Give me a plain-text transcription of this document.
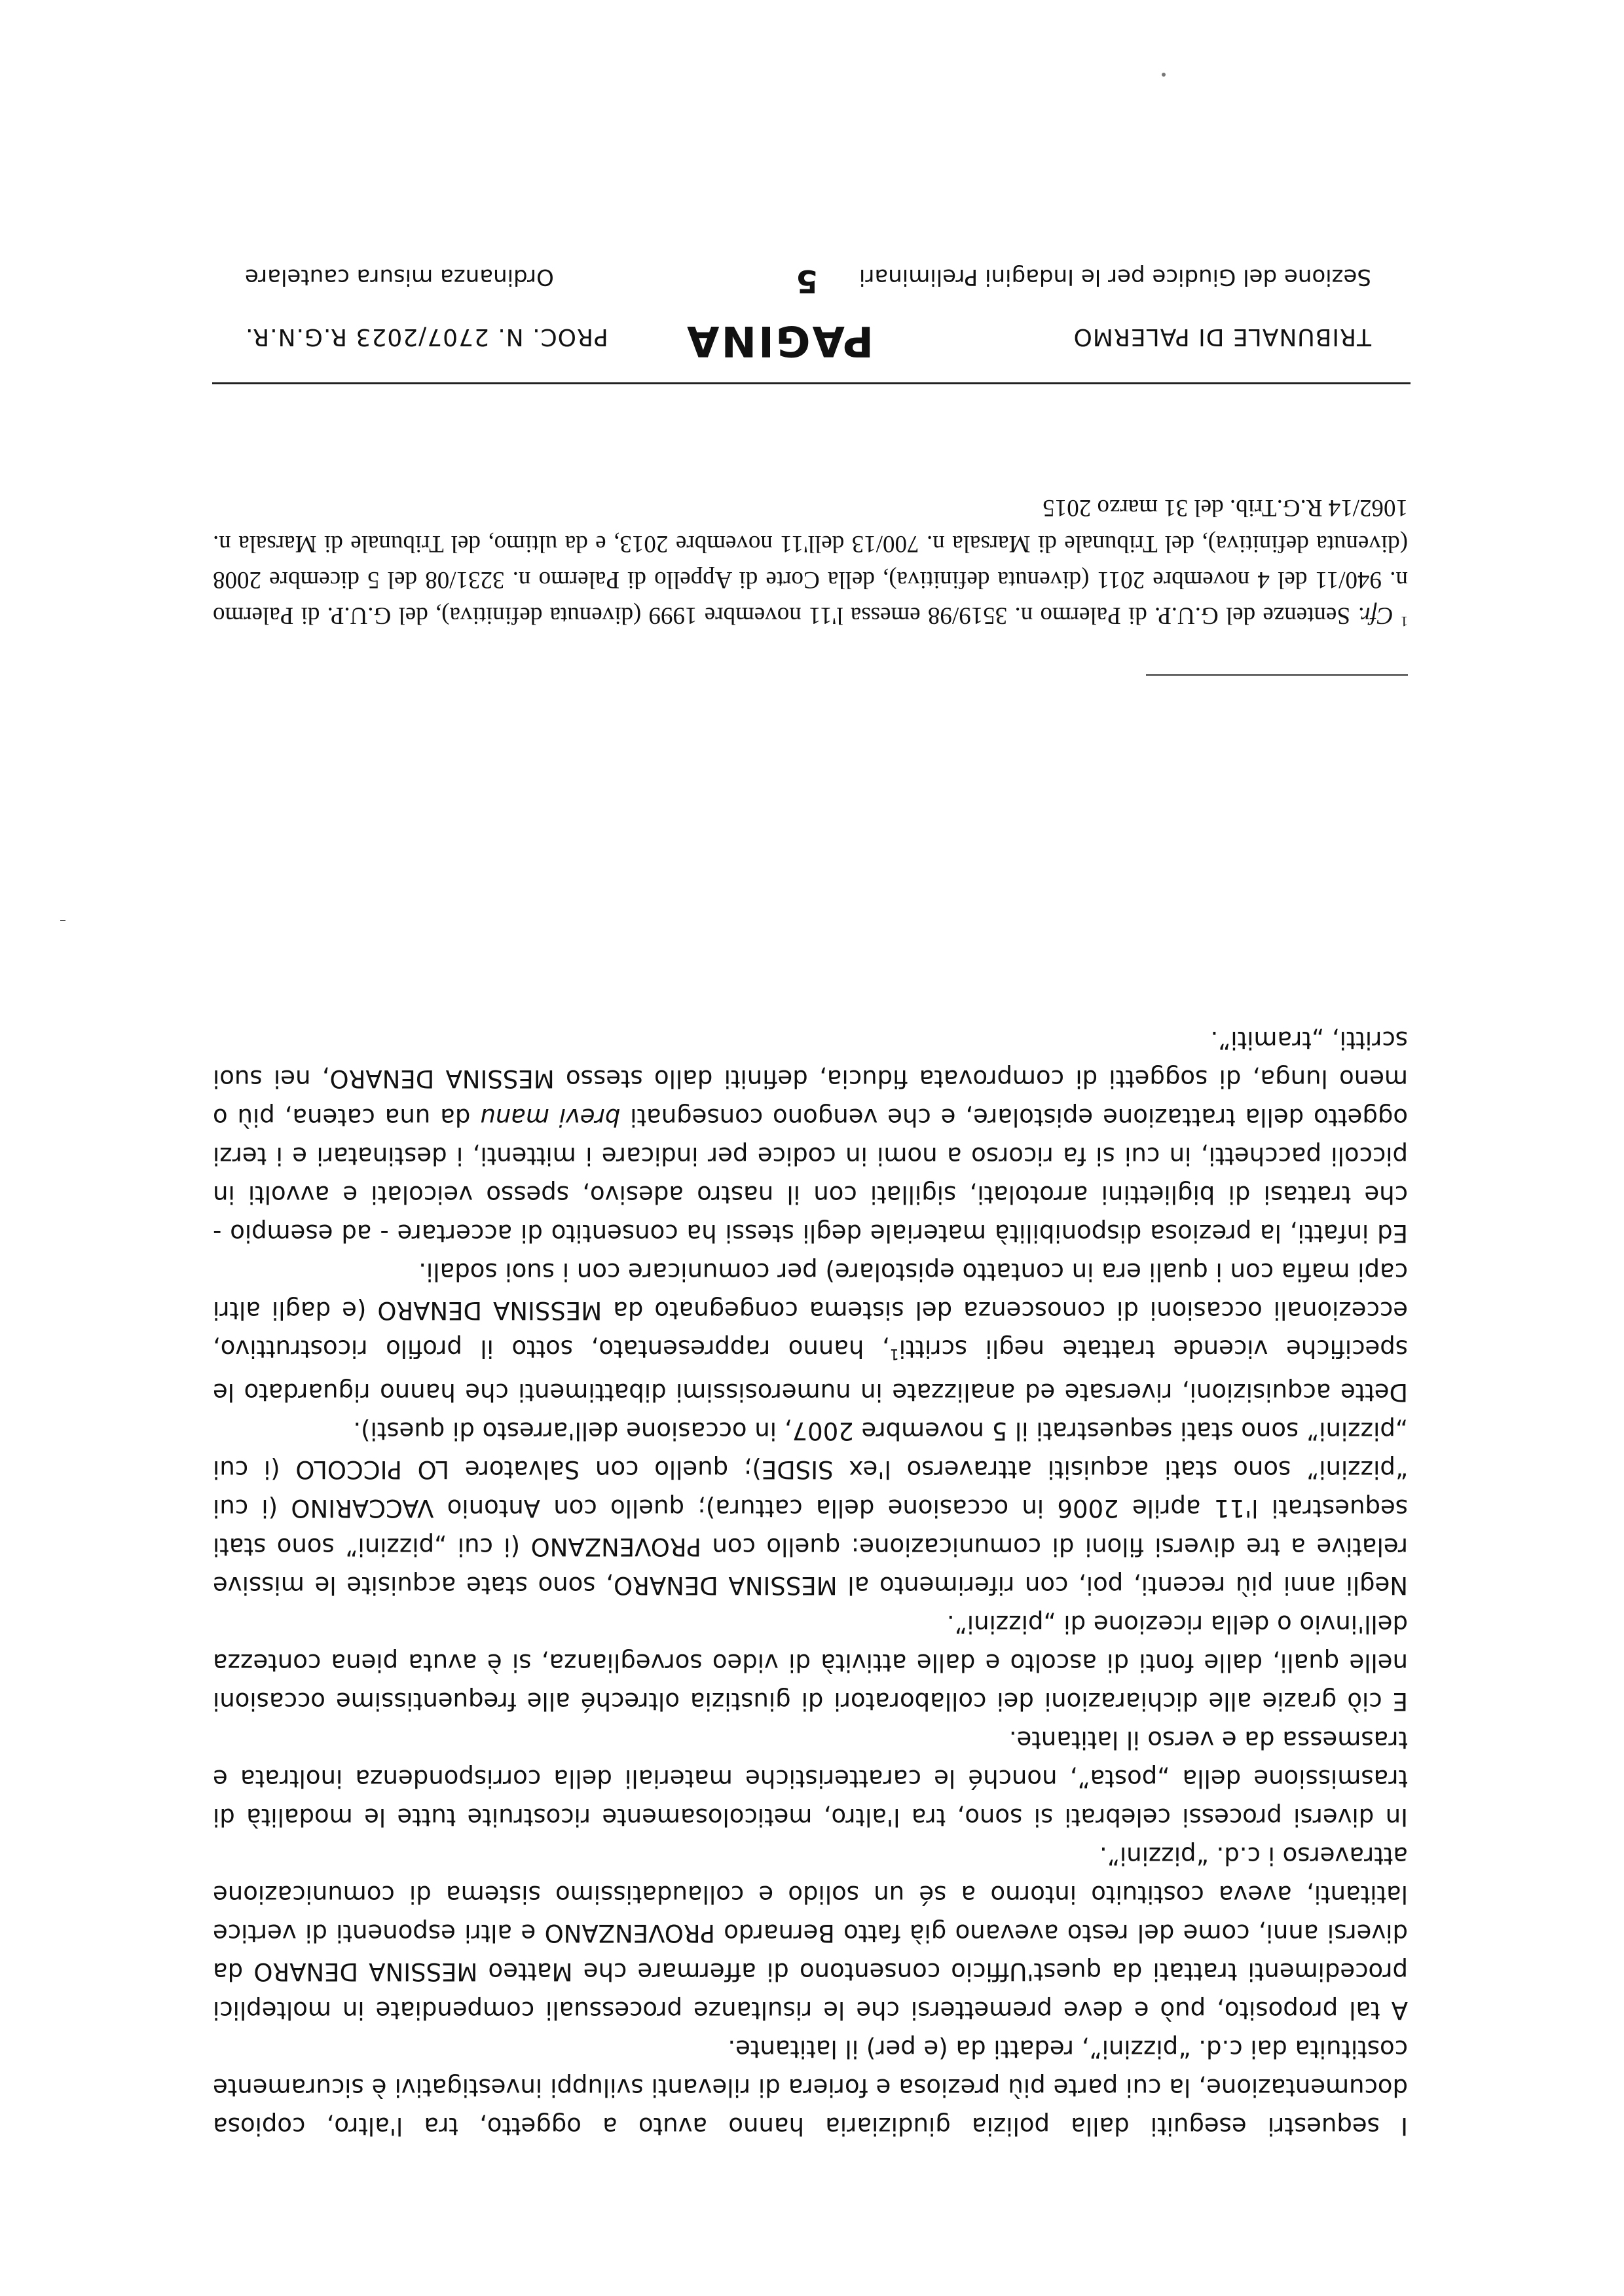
I sequestri eseguiti dalla polizia giudiziaria hanno avuto a oggetto, tra l'altro, copiosa documentazione, la cui parte più preziosa e foriera di rilevanti sviluppi investigativi è sicuramente costituita dai c.d. “pizzini”, redatti da (e per) il latitante.

A tal proposito, può e deve premettersi che le risultanze processuali compendiate in molteplici procedimenti trattati da quest'Ufficio consentono di affermare che Matteo MESSINA DENARO da diversi anni, come del resto avevano già fatto Bernardo PROVENZANO e altri esponenti di vertice latitanti, aveva costituito intorno a sé un solido e collaudatissimo sistema di comunicazione attraverso i c.d. “pizzini”.

In diversi processi celebrati si sono, tra l'altro, meticolosamente ricostruite tutte le modalità di trasmissione della „posta”, nonché le caratteristiche materiali della corrispondenza inoltrata e trasmessa da e verso il latitante.

E ciò grazie alle dichiarazioni dei collaboratori di giustizia oltreché alle frequentissime occasioni nelle quali, dalle fonti di ascolto e dalle attività di video sorveglianza, si è avuta piena contezza dell'invio o della ricezione di „pizzini”.

Negli anni più recenti, poi, con riferimento al MESSINA DENARO, sono state acquisite le missive relative a tre diversi filoni di comunicazione: quello con PROVENZANO (i cui „pizzini” sono stati sequestrati l'11 aprile 2006 in occasione della cattura); quello con Antonio VACCARINO (i cui “pizzini” sono stati acquisiti attraverso l'ex SISDE); quello con Salvatore LO PICCOLO (i cui „pizzini” sono stati sequestrati il 5 novembre 2007, in occasione dell'arresto di questi).

Dette acquisizioni, riversate ed analizzate in numerosissimi dibattimenti che hanno riguardato le specifiche vicende trattate negli scritti$^1$, hanno rappresentato, sotto il profilo ricostruttivo, eccezionali occasioni di conoscenza del sistema congegnato da MESSINA DENARO (e dagli altri capi mafia con i quali era in contatto epistolare) per comunicare con i suoi sodali.

Ed infatti, la preziosa disponibilità materiale degli stessi ha consentito di accertare - ad esempio - che trattasi di bigliettini arrotolati, sigillati con il nastro adesivo, spesso veicolati e avvolti in piccoli pacchetti, in cui si fa ricorso a nomi in codice per indicare i mittenti, i destinatari e i terzi oggetto della trattazione epistolare, e che vengono consegnati brevi manu da una catena, più o meno lunga, di soggetti di comprovata fiducia, definiti dallo stesso MESSINA DENARO, nei suoi scritti, „tramiti”.

$^1$ Cfr. Sentenze del G.U.P. di Palermo n. 3519/98 emessa l'11 novembre 1999 (divenuta definitiva), del G.U.P. di Palermo n. 940/11 del 4 novembre 2011 (divenuta definitiva), della Corte di Appello di Palermo n. 3231/08 del 5 dicembre 2008 (divenuta definitiva), del Tribunale di Marsala n. 700/13 dell'11 novembre 2013, e da ultimo, del Tribunale di Marsala n. 1062/14 R.G.Trib. del 31 marzo 2015
TRIBUNALE DI PALERMO
PAGINA
PROC. N. 2707/2023 R.G.N.R.
Sezione del Giudice per le Indagini Preliminari
5
Ordinanza misura cautelare
